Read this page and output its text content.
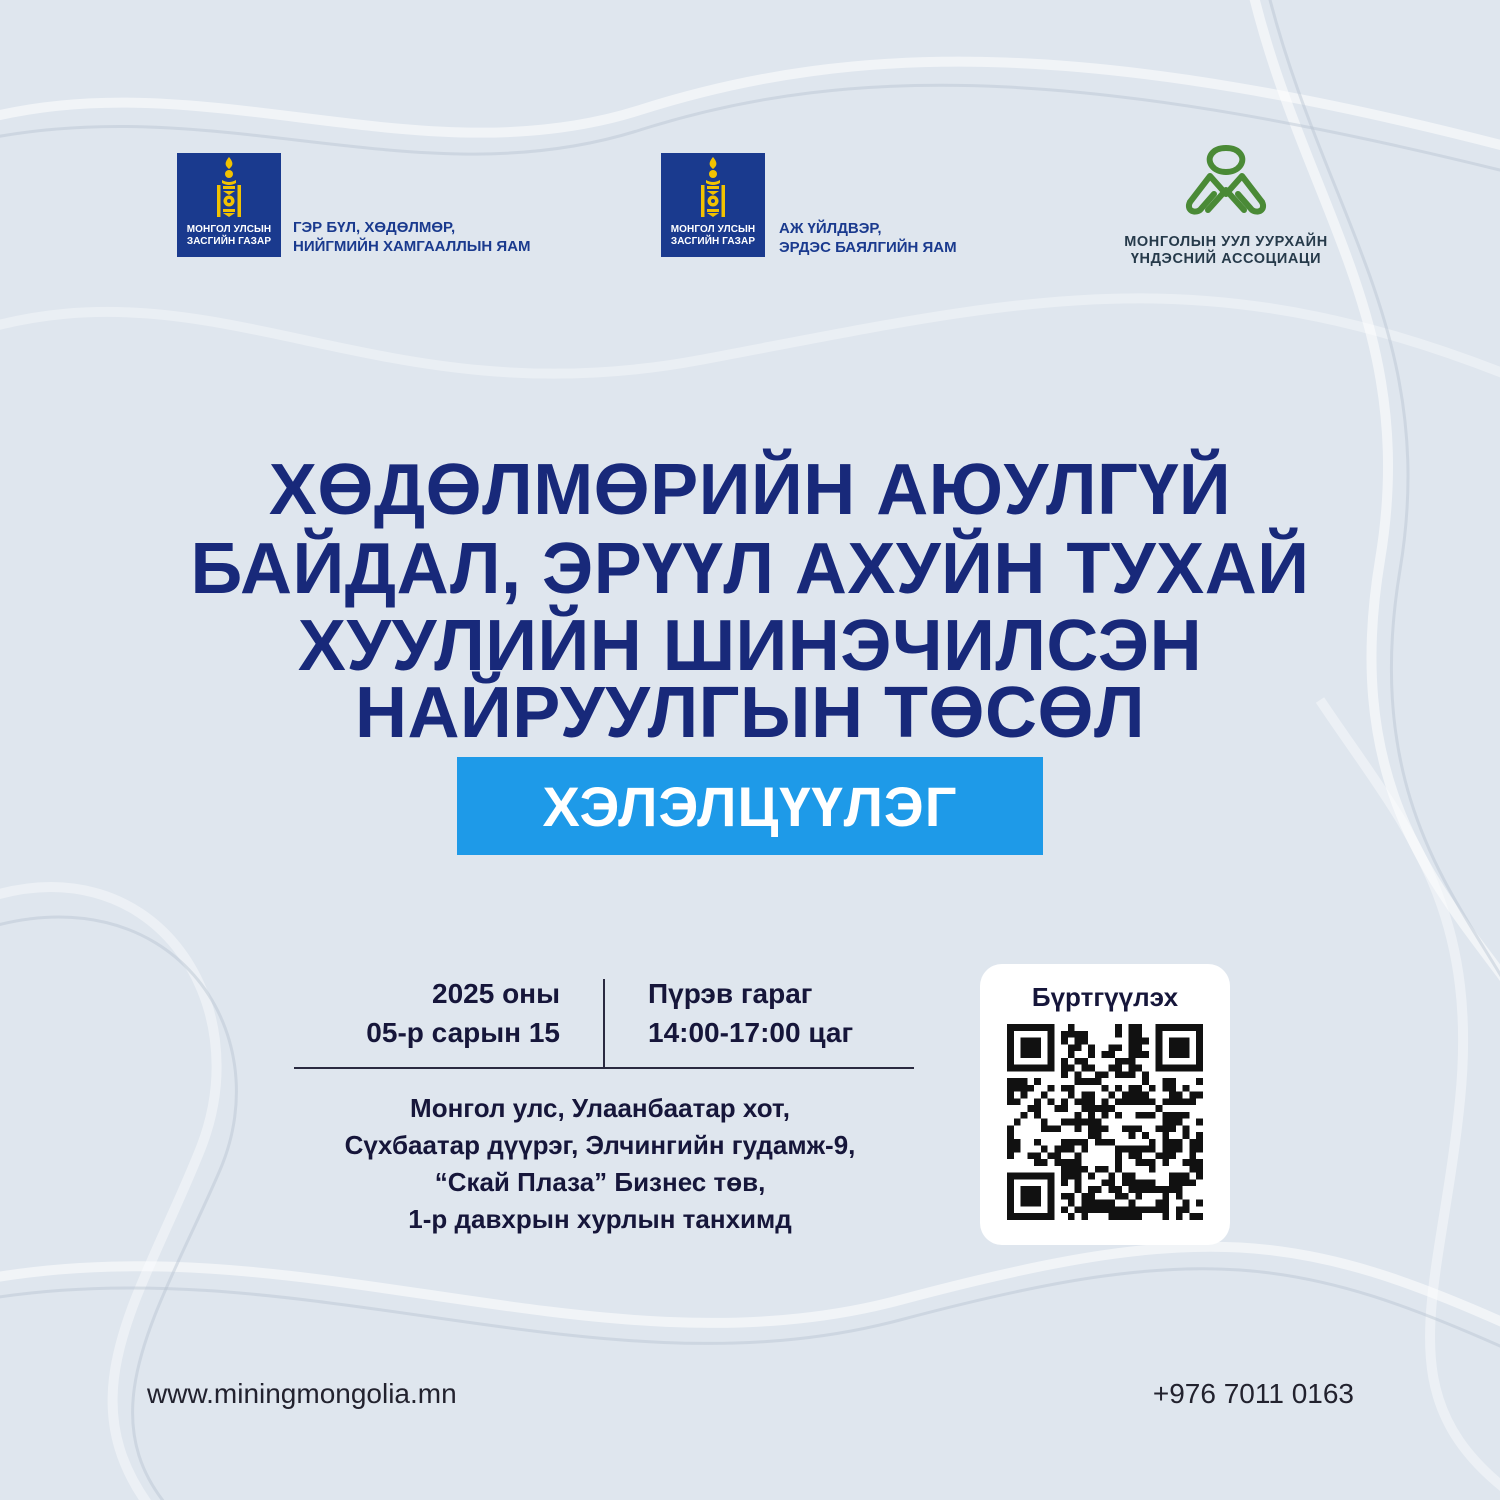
МОНГОЛ УЛСЫН
ЗАСГИЙН ГАЗАР
ГЭР БҮЛ, ХӨДӨЛМӨР,
НИЙГМИЙН ХАМГААЛЛЫН ЯАМ
МОНГОЛ УЛСЫН
ЗАСГИЙН ГАЗАР
АЖ ҮЙЛДВЭР,
ЭРДЭС БАЯЛГИЙН ЯАМ	МОНГОЛЫН УУЛ УУРХАЙН
ҮНДЭСНИЙ АССОЦИАЦИ
ХӨДӨЛМӨРИЙН АЮУЛГҮЙ
БАЙДАЛ, ЭРҮҮЛ АХУЙН ТУХАЙ
ХУУЛИЙН ШИНЭЧИЛСЭН
НАЙРУУЛГЫН ТӨСӨЛ
ХЭЛЭЛЦҮҮЛЭГ
2025 оны
05-р сарын 15
Пүрэв гараг
14:00-17:00 цаг
Монгол улс, Улаанбаатар хот,
Сүхбаатар дүүрэг, Элчингийн гудамж-9,
“Скай Плаза” Бизнес төв,
1-р давхрын хурлын танхимд
Бүртгүүлэх
www.miningmongolia.mn	+976 7011 0163
